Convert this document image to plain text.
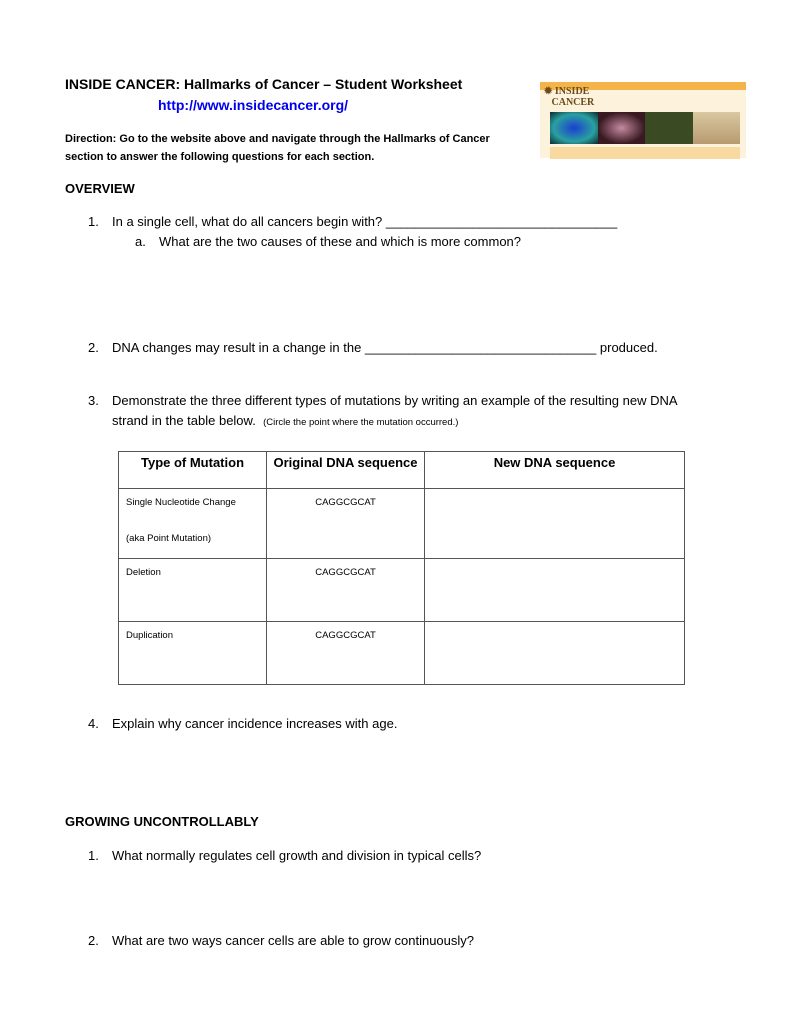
INSIDE CANCER: Hallmarks of Cancer – Student Worksheet
http://www.insidecancer.org/
Direction: Go to the website above and navigate through the Hallmarks of Cancer
section to answer the following questions for each section.
✹ INSIDE
CANCER
OVERVIEW
1. In a single cell, what do all cancers begin with? ________________________________
a. What are the two causes of these and which is more common?
2. DNA changes may result in a change in the ________________________________ produced.
3. Demonstrate the three different types of mutations by writing an example of the resulting new DNA
strand in the table below. (Circle the point where the mutation occurred.)
Type of Mutation	Original DNA sequence	New DNA sequence

Single Nucleotide Change
(aka Point Mutation)	CAGGCGCAT	
Deletion	CAGGCGCAT	
Duplication	CAGGCGCAT	
4. Explain why cancer incidence increases with age.
GROWING UNCONTROLLABLY
1. What normally regulates cell growth and division in typical cells?
2. What are two ways cancer cells are able to grow continuously?
